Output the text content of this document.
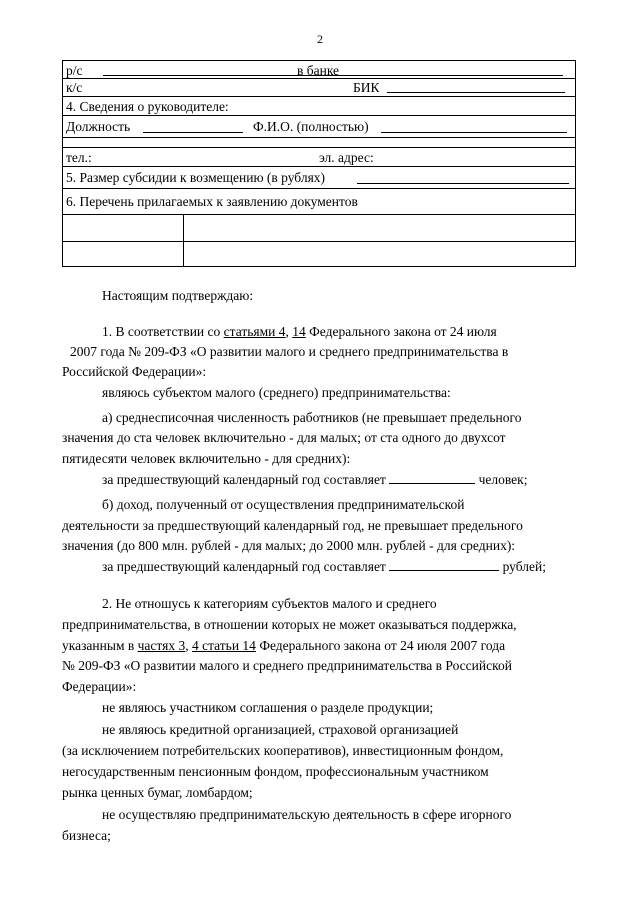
2
р/с	в банке
к/с	БИК
4. Сведения о руководителе:
Должность	Ф.И.О. (полностью)
тел.:	эл. адрес:
5. Размер субсидии к возмещению (в рублях)
6. Перечень прилагаемых к заявлению документов
Настоящим подтверждаю:
1. В соответствии со статьями 4, 14 Федерального закона от 24 июля
2007 года № 209-ФЗ «О развитии малого и среднего предпринимательства в
Российской Федерации»:
являюсь субъектом малого (среднего) предпринимательства:
а) среднесписочная численность работников (не превышает предельного
значения до ста человек включительно - для малых; от ста одного до двухсот
пятидесяти человек включительно - для средних):
за предшествующий календарный год составляет	человек;
б) доход, полученный от осуществления предпринимательской
деятельности за предшествующий календарный год, не превышает предельного
значения (до 800 млн. рублей - для малых; до 2000 млн. рублей - для средних):
за предшествующий календарный год составляет	рублей;
2. Не отношусь к категориям субъектов малого и среднего
предпринимательства, в отношении которых не может оказываться поддержка,
указанным в частях 3, 4 статьи 14 Федерального закона от 24 июля 2007 года
№ 209-ФЗ «О развитии малого и среднего предпринимательства в Российской
Федерации»:
не являюсь участником соглашения о разделе продукции;
не являюсь кредитной организацией, страховой организацией
(за исключением потребительских кооперативов), инвестиционным фондом,
негосударственным пенсионным фондом, профессиональным участником
рынка ценных бумаг, ломбардом;
не осуществляю предпринимательскую деятельность в сфере игорного
бизнеса;
